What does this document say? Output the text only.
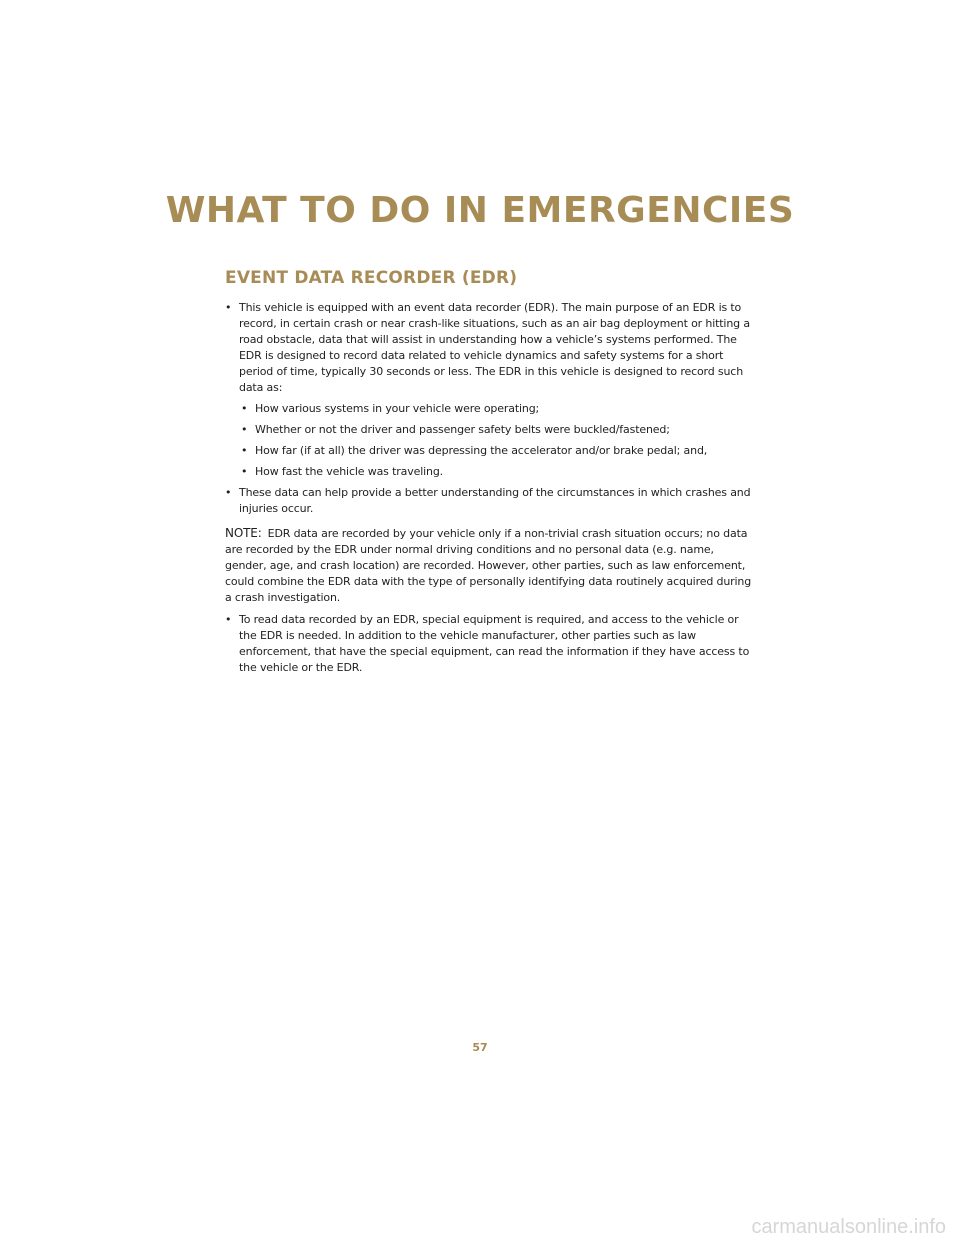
WHAT TO DO IN EMERGENCIES
EVENT DATA RECORDER (EDR)
• This vehicle is equipped with an event data recorder (EDR). The main purpose of an EDR is to record, in certain crash or near crash-like situations, such as an air bag deployment or hitting a road obstacle, data that will assist in understanding how a vehicle’s systems performed. The EDR is designed to record data related to vehicle dynamics and safety systems for a short period of time, typically 30 seconds or less. The EDR in this vehicle is designed to record such data as:
• How various systems in your vehicle were operating;
• Whether or not the driver and passenger safety belts were buckled/fastened;
• How far (if at all) the driver was depressing the accelerator and/or brake pedal; and,
• How fast the vehicle was traveling.
• These data can help provide a better understanding of the circumstances in which crashes and injuries occur.

NOTE: EDR data are recorded by your vehicle only if a non-trivial crash situation occurs; no data are recorded by the EDR under normal driving conditions and no personal data (e.g. name, gender, age, and crash location) are recorded. However, other parties, such as law enforcement, could combine the EDR data with the type of personally identifying data routinely acquired during a crash investigation.

• To read data recorded by an EDR, special equipment is required, and access to the vehicle or the EDR is needed. In addition to the vehicle manufacturer, other parties such as law enforcement, that have the special equipment, can read the information if they have access to the vehicle or the EDR.
57
carmanualsonline.info
